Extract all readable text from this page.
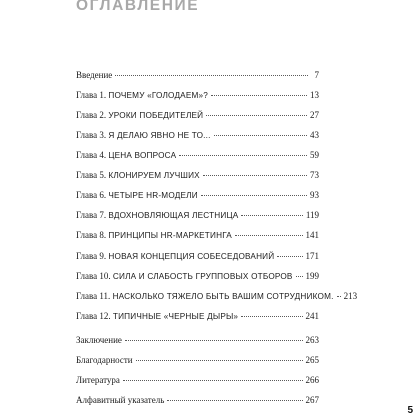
ОГЛАВЛЕНИЕ
Введение	7
Глава 1. ПОЧЕМУ «ГОЛОДАЕМ»?	13
Глава 2. УРОКИ ПОБЕДИТЕЛЕЙ	27
Глава 3. Я ДЕЛАЮ ЯВНО НЕ ТО...	43
Глава 4. ЦЕНА ВОПРОСА	59
Глава 5. КЛОНИРУЕМ ЛУЧШИХ	73
Глава 6. ЧЕТЫРЕ HR-МОДЕЛИ	93
Глава 7. ВДОХНОВЛЯЮЩАЯ ЛЕСТНИЦА	119
Глава 8. ПРИНЦИПЫ HR-МАРКЕТИНГА	141
Глава 9. НОВАЯ КОНЦЕПЦИЯ СОБЕСЕДОВАНИЙ	171
Глава 10. СИЛА И СЛАБОСТЬ ГРУППОВЫХ ОТБОРОВ 199
Глава 11. НАСКОЛЬКО ТЯЖЕЛО БЫТЬ ВАШИМ СОТРУДНИКОМ. 213
Глава 12. ТИПИЧНЫЕ «ЧЕРНЫЕ ДЫРЫ»	241
Заключение	263
Благодарности	265
Литература	266
Алфавитный указатель	267
5
